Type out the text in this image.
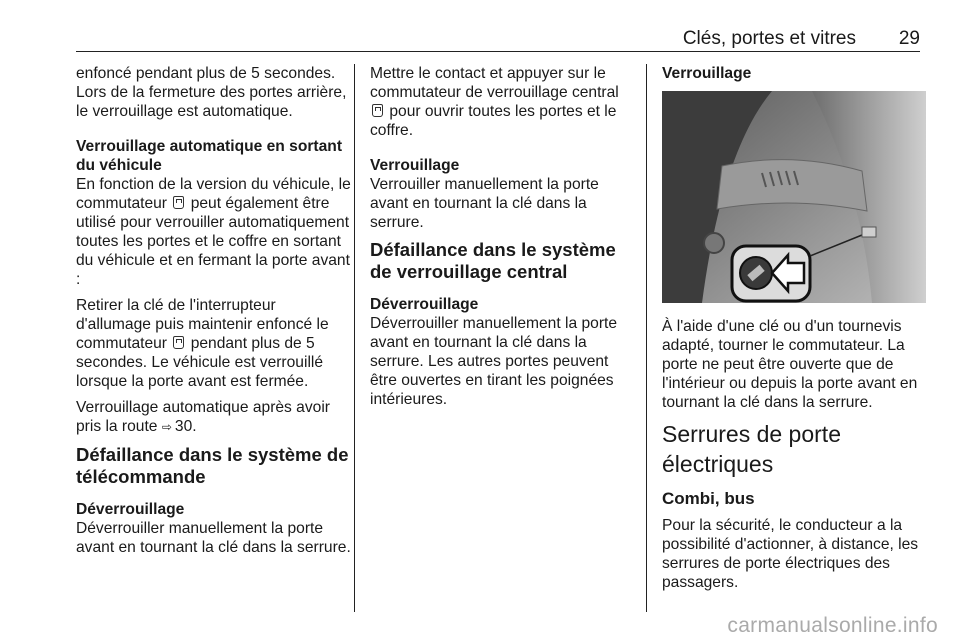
Clés, portes et vitres 29

enfoncé pendant plus de 5 secondes. Lors de la fermeture des portes arrière, le verrouillage est automatique.

Verrouillage automatique en sortant du véhicule

En fonction de la version du véhicule, le commutateur peut également être utilisé pour verrouiller automatiquement toutes les portes et le coffre en sortant du véhicule et en fermant la porte avant :

Retirer la clé de l'interrupteur d'allumage puis maintenir enfoncé le commutateur pendant plus de 5 secondes. Le véhicule est verrouillé lorsque la porte avant est fermée.

Verrouillage automatique après avoir pris la route ⇨ 30.

Défaillance dans le système de télécommande
Déverrouillage

Déverrouiller manuellement la porte avant en tournant la clé dans la serrure.

Mettre le contact et appuyer sur le commutateur de verrouillage central  pour ouvrir toutes les portes et le coffre.

Verrouillage

Verrouiller manuellement la porte avant en tournant la clé dans la serrure.

Défaillance dans le système de verrouillage central
Déverrouillage

Déverrouiller manuellement la porte avant en tournant la clé dans la serrure. Les autres portes peuvent être ouvertes en tirant les poignées intérieures.

Verrouillage

À l'aide d'une clé ou d'un tournevis adapté, tourner le commutateur. La porte ne peut être ouverte que de l'intérieur ou depuis la porte avant en tournant la clé dans la serrure.

Serrures de porte électriques
Combi, bus

Pour la sécurité, le conducteur a la possibilité d'actionner, à distance, les serrures de porte électriques des passagers.

carmanualsonline.info
